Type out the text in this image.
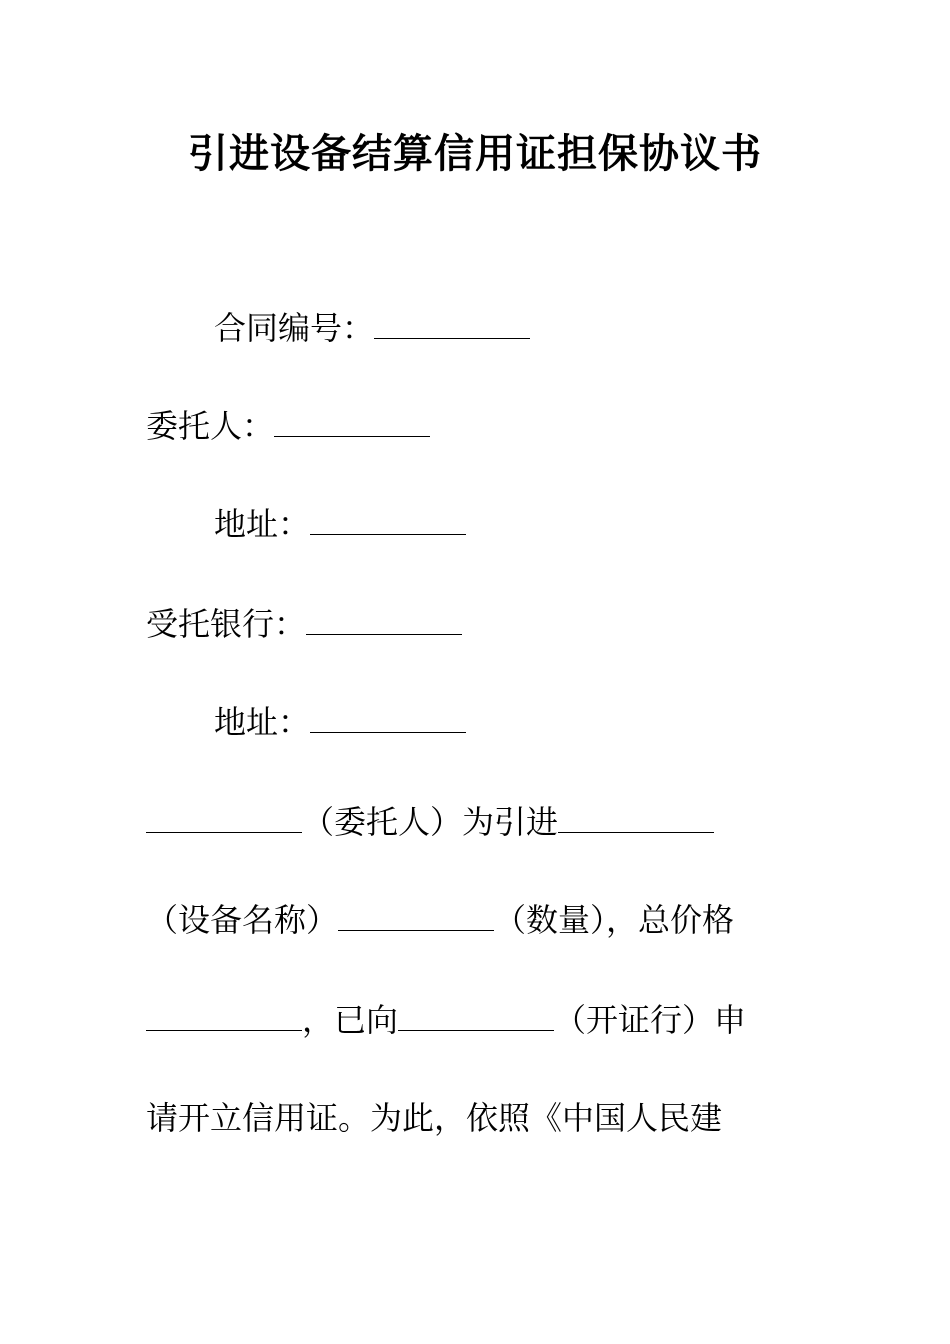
引进设备结算信用证担保协议书
合同编号：
委托人：
地址：
受托银行：
地址：
（委托人）为引进
（设备名称）	（数量），总价格
，已向	（开证行）申
请开立信用证。为此，依照《中国人民建
